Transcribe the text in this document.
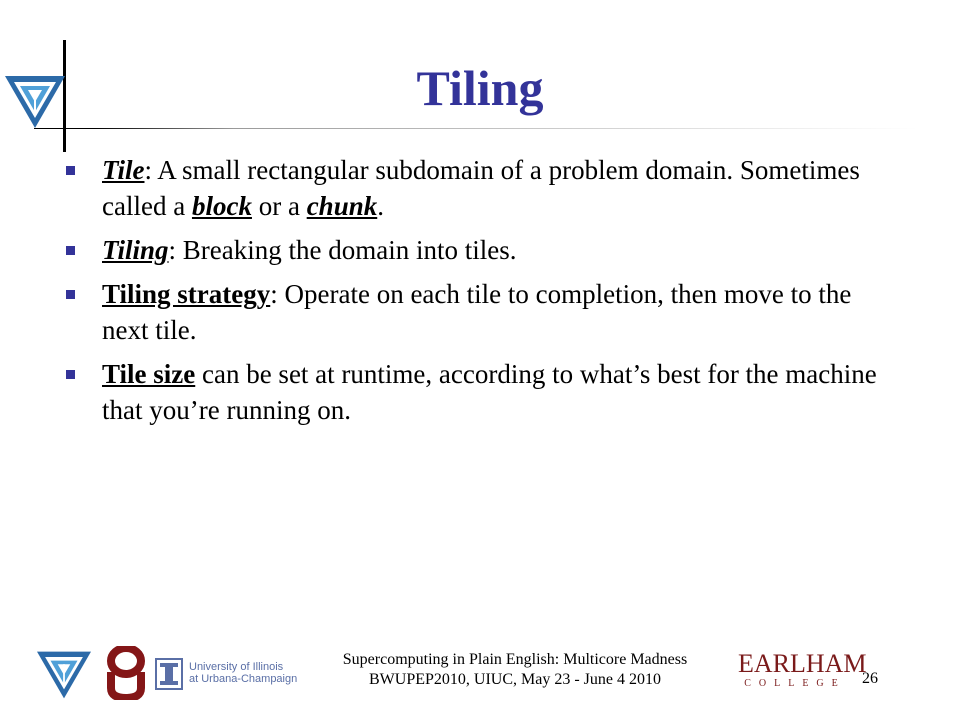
Tiling
Tile: A small rectangular subdomain of a problem domain. Sometimes called a block or a chunk.
Tiling: Breaking the domain into tiles.
Tiling strategy: Operate on each tile to completion, then move to the next tile.
Tile size can be set at runtime, according to what’s best for the machine that you’re running on.
University of Illinois
at Urbana-Champaign
Supercomputing in Plain English: Multicore Madness
BWUPEP2010, UIUC, May 23 - June 4 2010
EARLHAM
COLLEGE	26
